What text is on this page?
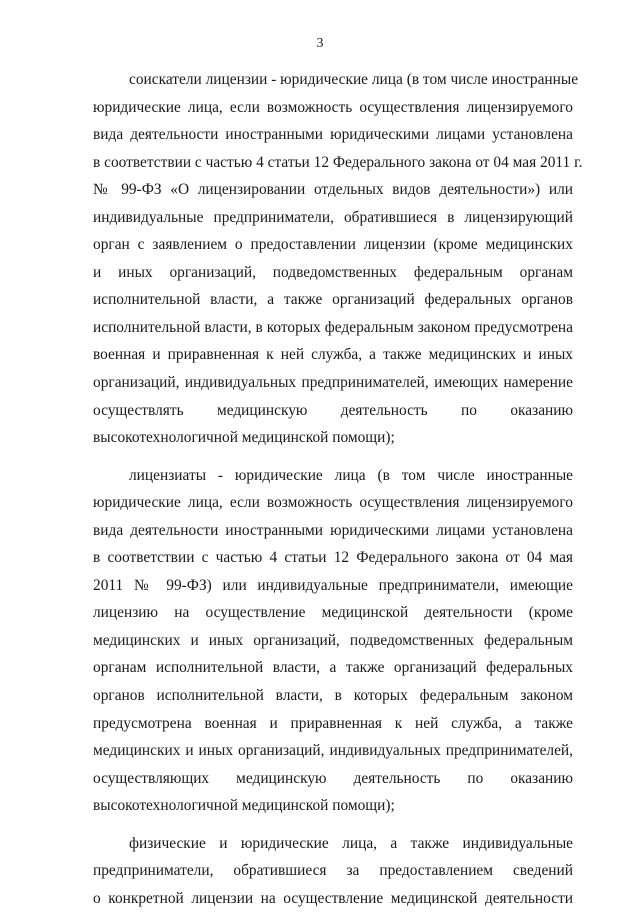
3
соискатели лицензии - юридические лица (в том числе иностранные
юридические лица, если возможность осуществления лицензируемого
вида деятельности иностранными юридическими лицами установлена
в соответствии с частью 4 статьи 12 Федерального закона от 04 мая 2011 г.
№ 99-ФЗ «О лицензировании отдельных видов деятельности») или
индивидуальные предприниматели, обратившиеся в лицензирующий
орган с заявлением о предоставлении лицензии (кроме медицинских
и иных организаций, подведомственных федеральным органам
исполнительной власти, а также организаций федеральных органов
исполнительной власти, в которых федеральным законом предусмотрена
военная и приравненная к ней служба, а также медицинских и иных
организаций, индивидуальных предпринимателей, имеющих намерение
осуществлять медицинскую деятельность по оказанию
высокотехнологичной медицинской помощи);
лицензиаты - юридические лица (в том числе иностранные
юридические лица, если возможность осуществления лицензируемого
вида деятельности иностранными юридическими лицами установлена
в соответствии с частью 4 статьи 12 Федерального закона от 04 мая
2011 № 99-ФЗ) или индивидуальные предприниматели, имеющие
лицензию на осуществление медицинской деятельности (кроме
медицинских и иных организаций, подведомственных федеральным
органам исполнительной власти, а также организаций федеральных
органов исполнительной власти, в которых федеральным законом
предусмотрена военная и приравненная к ней служба, а также
медицинских и иных организаций, индивидуальных предпринимателей,
осуществляющих медицинскую деятельность по оказанию
высокотехнологичной медицинской помощи);
физические и юридические лица, а также индивидуальные
предприниматели, обратившиеся за предоставлением сведений
о конкретной лицензии на осуществление медицинской деятельности
